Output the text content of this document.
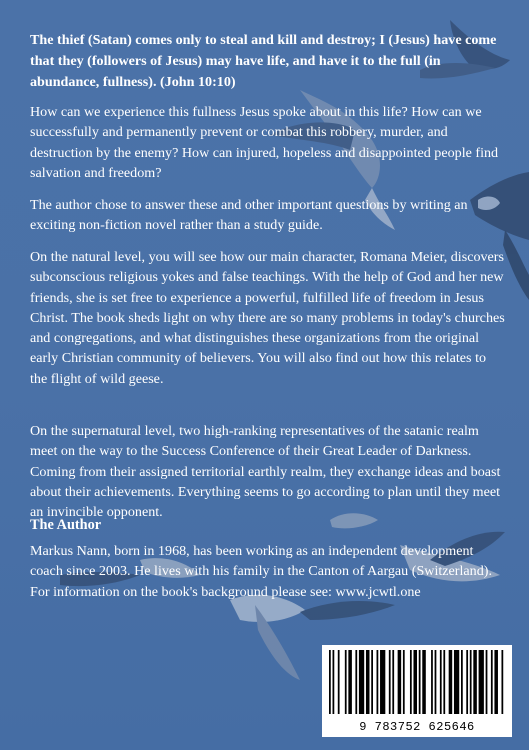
The thief (Satan) comes only to steal and kill and destroy; I (Jesus) have come that they (followers of Jesus) may have life, and have it to the full (in abundance, fullness). (John 10:10)

How can we experience this fullness Jesus spoke about in this life? How can we successfully and permanently prevent or combat this robbery, murder, and destruction by the enemy? How can injured, hopeless and disappointed people find salvation and freedom?

The author chose to answer these and other important questions by writing an exciting non-fiction novel rather than a study guide.

On the natural level, you will see how our main character, Romana Meier, discovers subconscious religious yokes and false teachings. With the help of God and her new friends, she is set free to experience a powerful, fulfilled life of freedom in Jesus Christ. The book sheds light on why there are so many problems in today's churches and congregations, and what distinguishes these organizations from the original early Christian community of believers. You will also find out how this relates to the flight of wild geese.

On the supernatural level, two high-ranking representatives of the satanic realm meet on the way to the Success Conference of their Great Leader of Darkness. Coming from their assigned territorial earthly realm, they exchange ideas and boast about their achievements. Everything seems to go according to plan until they meet an invincible opponent.

The Author

Markus Nann, born in 1968, has been working as an independent development coach since 2003. He lives with his family in the Canton of Aargau (Switzerland). For information on the book's background please see: www.jcwtl.one

9 783752 625646
